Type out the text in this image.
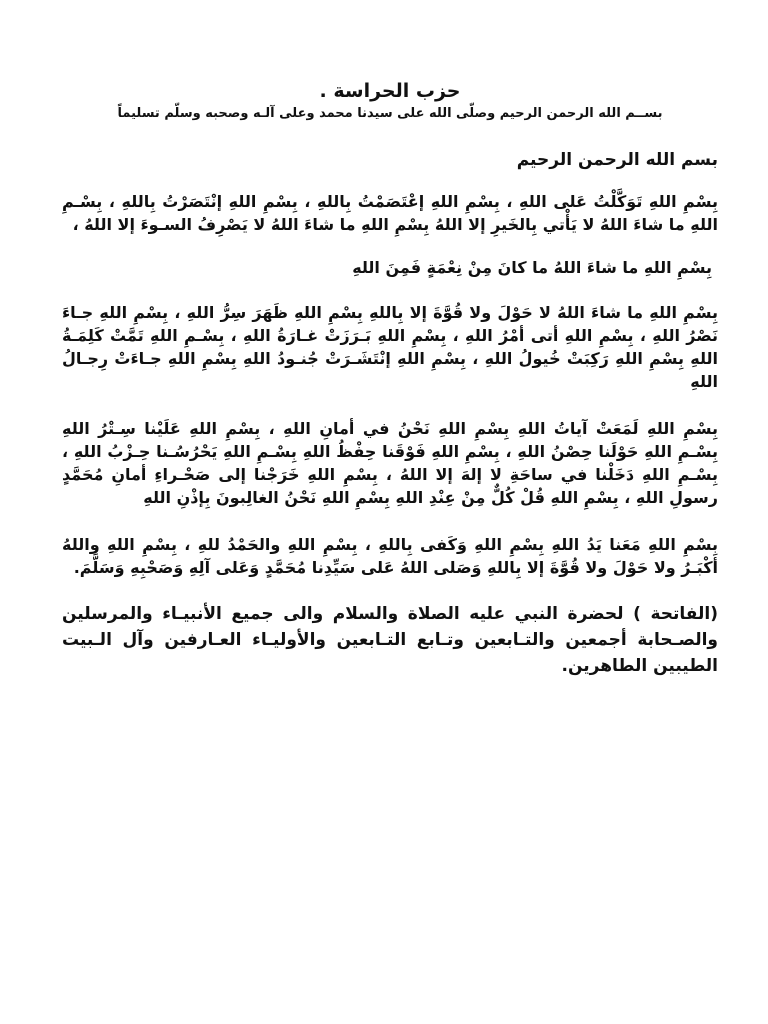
حزب الحراسة .

بســم الله الرحمن الرحيم وصلّى الله على سيدنا محمد وعلى آلـه وصحبه وسلّم تسليماً

بسم الله الرحمن الرحيم

بِسْمِ اللهِ تَوَكَّلْتُ عَلى اللهِ ، بِسْمِ اللهِ إعْتَصَمْتُ بِاللهِ ، بِسْمِ اللهِ إنْتَصَرْتُ بِاللهِ ، بِسْـمِ اللهِ ما شاءَ اللهُ لا يَأْتي بِالخَيرِ إلا اللهُ بِسْمِ اللهِ ما شاءَ اللهُ لا يَصْرِفُ السـوءَ إلا اللهُ ،

بِسْمِ اللهِ ما شاءَ اللهُ ما كانَ مِنْ نِعْمَةٍ فَمِنَ اللهِ

بِسْمِ اللهِ ما شاءَ اللهُ لا حَوْلَ ولا قُوَّةَ إلا بِاللهِ بِسْمِ اللهِ ظَهَرَ سِرُّ اللهِ ، بِسْمِ اللهِ جـاءَ نَصْرُ اللهِ ، بِسْمِ اللهِ أتى أمْرُ اللهِ ، بِسْمِ اللهِ بَـرَزَتْ غـارَةُ اللهِ ، بِسْـمِ اللهِ تَمَّتْ كَلِمَـةُ اللهِ بِسْمِ اللهِ رَكِبَتْ خُيولُ اللهِ ، بِسْمِ اللهِ إنْتَشَـرَتْ جُنـودُ اللهِ بِسْمِ اللهِ جـاءَتْ رِجـالُ اللهِ

بِسْمِ اللهِ لَمَعَتْ آياتُ اللهِ بِسْمِ اللهِ نَحْنُ في أمانِ اللهِ ، بِسْمِ اللهِ عَلَيْنا سِـتْرُ اللهِ بِسْـمِ اللهِ حَوْلَنا حِصْنُ اللهِ ، بِسْمِ اللهِ فَوْقَنا حِفْظُ اللهِ بِسْـمِ اللهِ يَحْرُسُـنا حِـزْبُ اللهِ ، بِسْـمِ اللهِ دَخَلْنا في ساحَةِ لا إلهَ إلا اللهُ ، بِسْمِ اللهِ خَرَجْنا إلى صَحْـراءِ أمانِ مُحَمَّدٍ رسولِ اللهِ ، بِسْمِ اللهِ قُلْ كُلٌّ مِنْ عِنْدِ اللهِ بِسْمِ اللهِ نَحْنُ الغالِبونَ بِإذْنِ اللهِ

بِسْمِ اللهِ مَعَنا يَدُ اللهِ بِسْمِ اللهِ وَكَفى بِاللهِ ، بِسْمِ اللهِ والحَمْدُ للهِ ، بِسْمِ اللهِ واللهُ أكْبَـرُ ولا حَوْلَ ولا قُوَّةَ إلا بِاللهِ وَصَلى اللهُ عَلى سَيِّدِنا مُحَمَّدٍ وَعَلى آلِهِ وَصَحْبِهِ وَسَلَّمَ.

(الفاتحة ) لحضرة النبي عليه الصلاة والسلام والى جميع الأنبيـاء والمرسلين والصـحابة أجمعين والتـابعين وتـابع التـابعين والأوليـاء العـارفين وآل الـبيت الطيبين الطاهرين.
